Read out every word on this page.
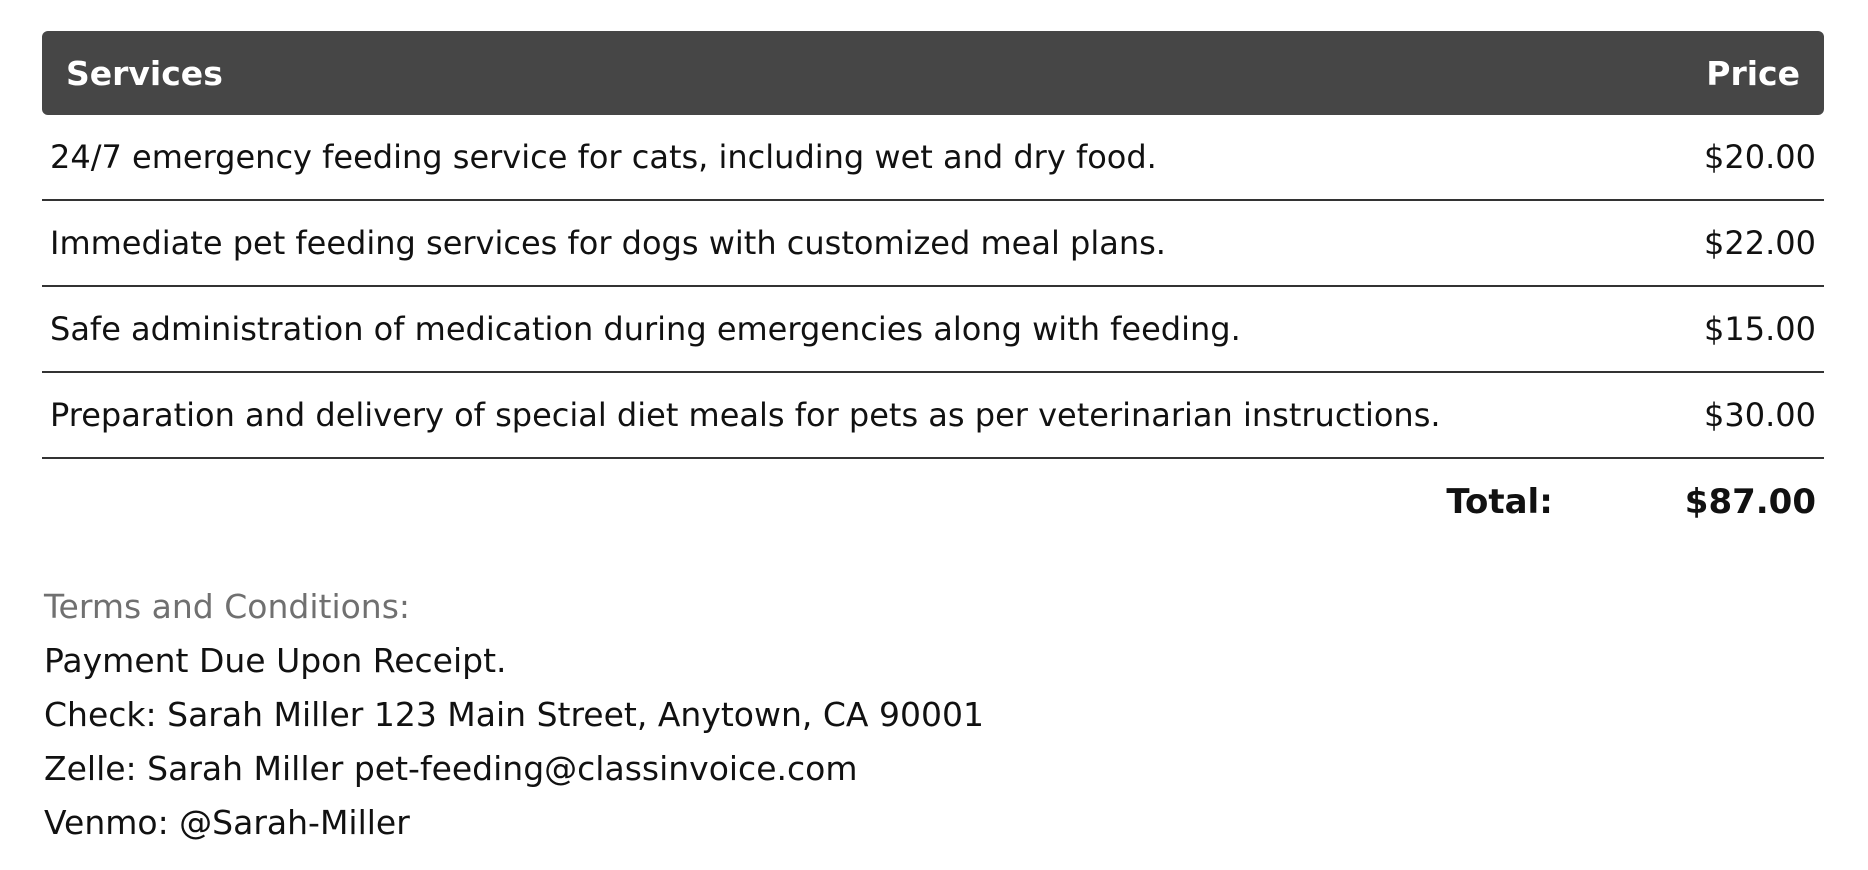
Services	Price
24/7 emergency feeding service for cats, including wet and dry food.	$20.00
Immediate pet feeding services for dogs with customized meal plans.	$22.00
Safe administration of medication during emergencies along with feeding.	$15.00
Preparation and delivery of special diet meals for pets as per veterinarian instructions.	$30.00
Total:	$87.00
Terms and Conditions:
Payment Due Upon Receipt.
Check: Sarah Miller 123 Main Street, Anytown, CA 90001
Zelle: Sarah Miller pet-feeding@classinvoice.com
Venmo: @Sarah-Miller
